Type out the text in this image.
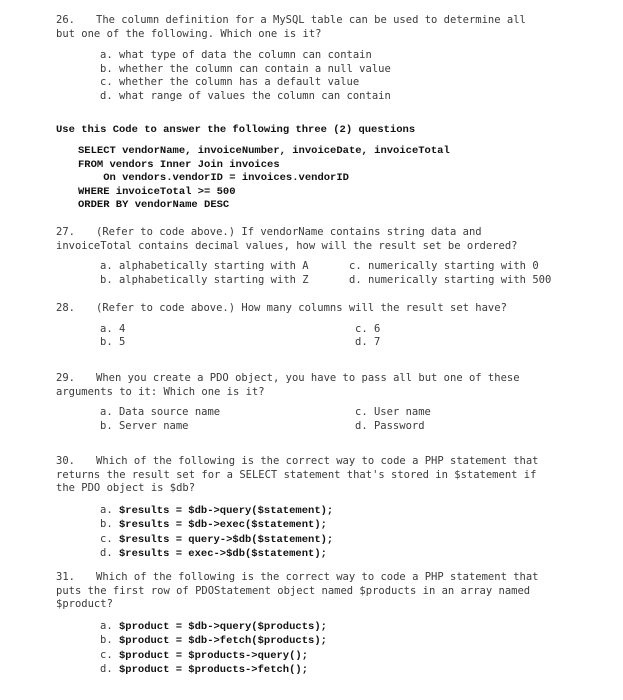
26. The column definition for a MySQL table can be used to determine all
but one of the following. Which one is it?
a. what type of data the column can contain
b. whether the column can contain a null value
c. whether the column has a default value
d. what range of values the column can contain
Use this Code to answer the following three (2) questions
SELECT vendorName, invoiceNumber, invoiceDate, invoiceTotal
FROM vendors Inner Join invoices
On vendors.vendorID = invoices.vendorID
WHERE invoiceTotal >= 500
ORDER BY vendorName DESC
27. (Refer to code above.) If vendorName contains string data and
invoiceTotal contains decimal values, how will the result set be ordered?
a. alphabetically starting with A	c. numerically starting with 0
b. alphabetically starting with Z	d. numerically starting with 500
28. (Refer to code above.) How many columns will the result set have?
a. 4	c. 6
b. 5	d. 7
29. When you create a PDO object, you have to pass all but one of these
arguments to it: Which one is it?
a. Data source name	c. User name
b. Server name	d. Password
30. Which of the following is the correct way to code a PHP statement that
returns the result set for a SELECT statement that's stored in $statement if
the PDO object is $db?
a. $results = $db->query($statement);
b. $results = $db->exec($statement);
c. $results = query->$db($statement);
d. $results = exec->$db($statement);
31. Which of the following is the correct way to code a PHP statement that
puts the first row of PDOStatement object named $products in an array named
$product?
a. $product = $db->query($products);
b. $product = $db->fetch($products);
c. $product = $products->query();
d. $product = $products->fetch();
